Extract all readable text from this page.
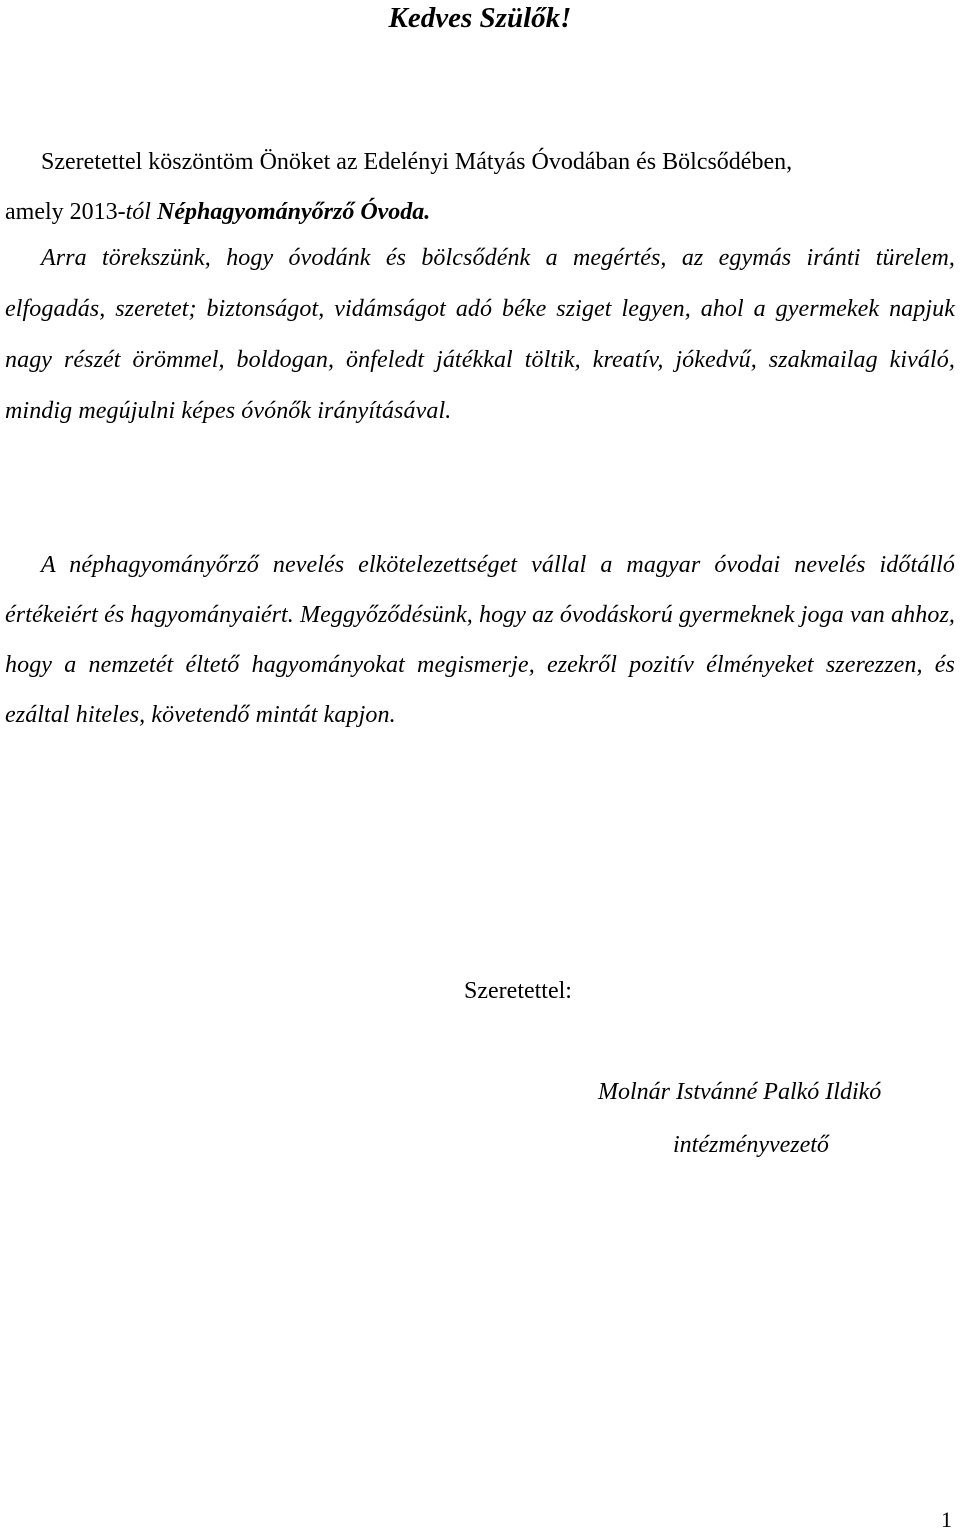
Kedves Szülők!

Szeretettel köszöntöm Önöket az Edelényi Mátyás Óvodában és Bölcsődében,
amely 2013-tól Néphagyományőrző Óvoda.

Arra törekszünk, hogy óvodánk és bölcsődénk a megértés, az egymás iránti türelem, elfogadás, szeretet; biztonságot, vidámságot adó béke sziget legyen, ahol a gyermekek napjuk nagy részét örömmel, boldogan, önfeledt játékkal töltik, kreatív, jókedvű, szakmailag kiváló, mindig megújulni képes óvónők irányításával.

A néphagyományőrző nevelés elkötelezettséget vállal a magyar óvodai nevelés időtálló értékeiért és hagyományaiért. Meggyőződésünk, hogy az óvodáskorú gyermeknek joga van ahhoz, hogy a nemzetét éltető hagyományokat megismerje, ezekről pozitív élményeket szerezzen, és ezáltal hiteles, követendő mintát kapjon.

Szeretettel:
Molnár Istvánné Palkó Ildikó
intézményvezető
1
